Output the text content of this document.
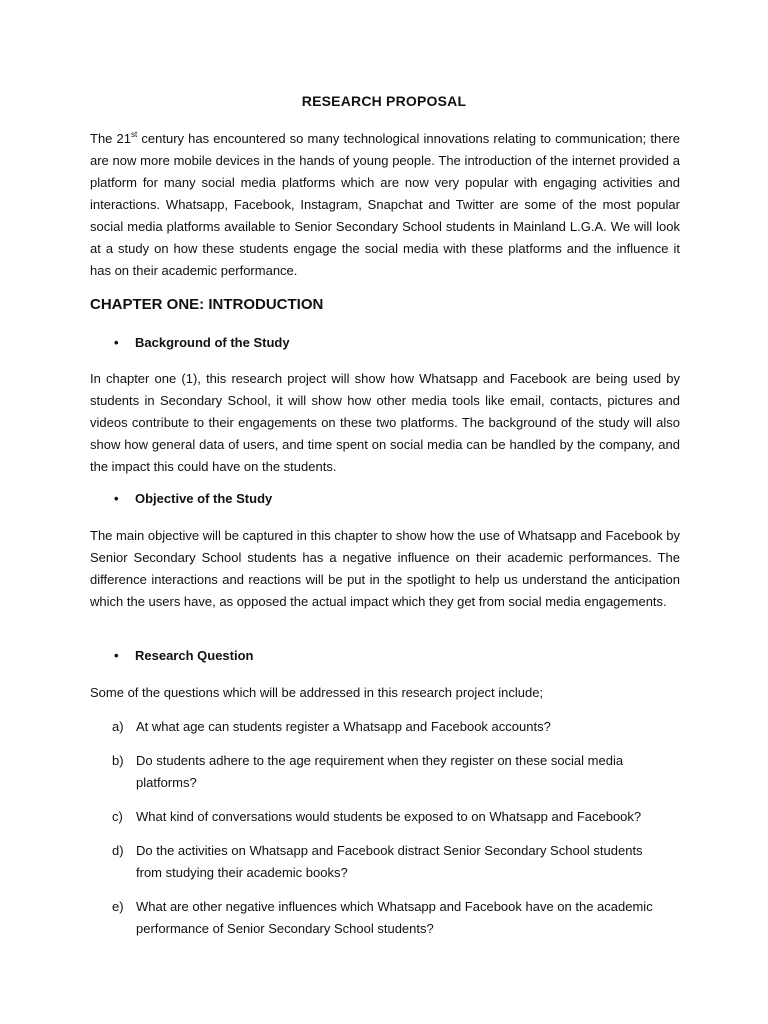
RESEARCH PROPOSAL

The 21st century has encountered so many technological innovations relating to communication; there are now more mobile devices in the hands of young people. The introduction of the internet provided a platform for many social media platforms which are now very popular with engaging activities and interactions. Whatsapp, Facebook, Instagram, Snapchat and Twitter are some of the most popular social media platforms available to Senior Secondary School students in Mainland L.G.A. We will look at a study on how these students engage the social media with these platforms and the influence it has on their academic performance.

CHAPTER ONE: INTRODUCTION
• Background of the Study

In chapter one (1), this research project will show how Whatsapp and Facebook are being used by students in Secondary School, it will show how other media tools like email, contacts, pictures and videos contribute to their engagements on these two platforms. The background of the study will also show how general data of users, and time spent on social media can be handled by the company, and the impact this could have on the students.

• Objective of the Study

The main objective will be captured in this chapter to show how the use of Whatsapp and Facebook by Senior Secondary School students has a negative influence on their academic performances. The difference interactions and reactions will be put in the spotlight to help us understand the anticipation which the users have, as opposed the actual impact which they get from social media engagements.

• Research Question

Some of the questions which will be addressed in this research project include;

a) At what age can students register a Whatsapp and Facebook accounts?
b) Do students adhere to the age requirement when they register on these social media platforms?
c) What kind of conversations would students be exposed to on Whatsapp and Facebook?
d) Do the activities on Whatsapp and Facebook distract Senior Secondary School students from studying their academic books?
e) What are other negative influences which Whatsapp and Facebook have on the academic performance of Senior Secondary School students?
